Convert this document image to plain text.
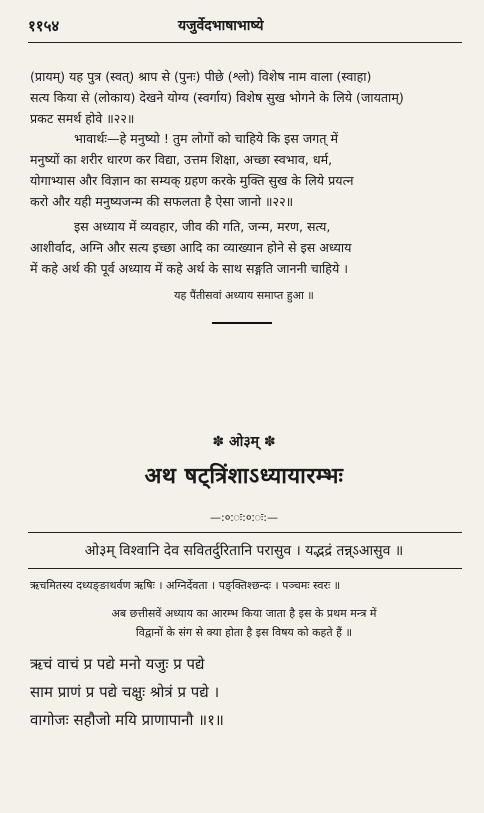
११५४	यजुर्वेदभाषाभाष्ये
(प्रायम्) यह पुत्र (स्वत्) श्राप से (पुनः) पीछे (श्लो) विशेष नाम वाला (स्वाहा)
सत्य किया से (लोकाय) देखने योग्य (स्वर्गाय) विशेष सुख भोगने के लिये (जायताम्)
प्रकट समर्थ होवे ॥२२॥
भावार्थः—हे मनुष्यो ! तुम लोगों को चाहिये कि इस जगत् में
मनुष्यों का शरीर धारण कर विद्या, उत्तम शिक्षा, अच्छा स्वभाव, धर्म,
योगाभ्यास और विज्ञान का सम्यक् ग्रहण करके मुक्ति सुख के लिये प्रयत्न
करो और यही मनुष्यजन्म की सफलता है ऐसा जानो ॥२२॥
इस अध्याय में व्यवहार, जीव की गति, जन्म, मरण, सत्य,
आशीर्वाद, अग्नि और सत्य इच्छा आदि का व्याख्यान होने से इस अध्याय
में कहे अर्थ की पूर्व अध्याय में कहे अर्थ के साथ सङ्गति जाननी चाहिये ।
यह पैंतीसवां अध्याय समाप्त हुआ ॥
✽ ओ३म् ✽
अथ षट्त्रिंशाऽध्यायारम्भः
—:०:ः:०:ः:—
ओ३म् विश्वानि देव सवितर्दुरितानि परासुव । यद्भद्रं तन्न्ऽआसुव ॥
ऋचमितस्य दध्यङ्ङाथर्वण ऋषिः । अग्निर्देवता । पङ्क्तिश्छन्दः । पञ्चमः स्वरः ॥
अब छत्तीसवें अध्याय का आरम्भ किया जाता है इस के प्रथम मन्त्र में
विद्वानों के संग से क्या होता है इस विषय को कहते हैं ॥
ऋचं वाचं प्र पद्ये मनो यजुः प्र पद्ये
साम प्राणं प्र पद्ये चक्षुः श्रोत्रं प्र पद्ये ।
वागोजः सहौजो मयि प्राणापानौ ॥१॥
